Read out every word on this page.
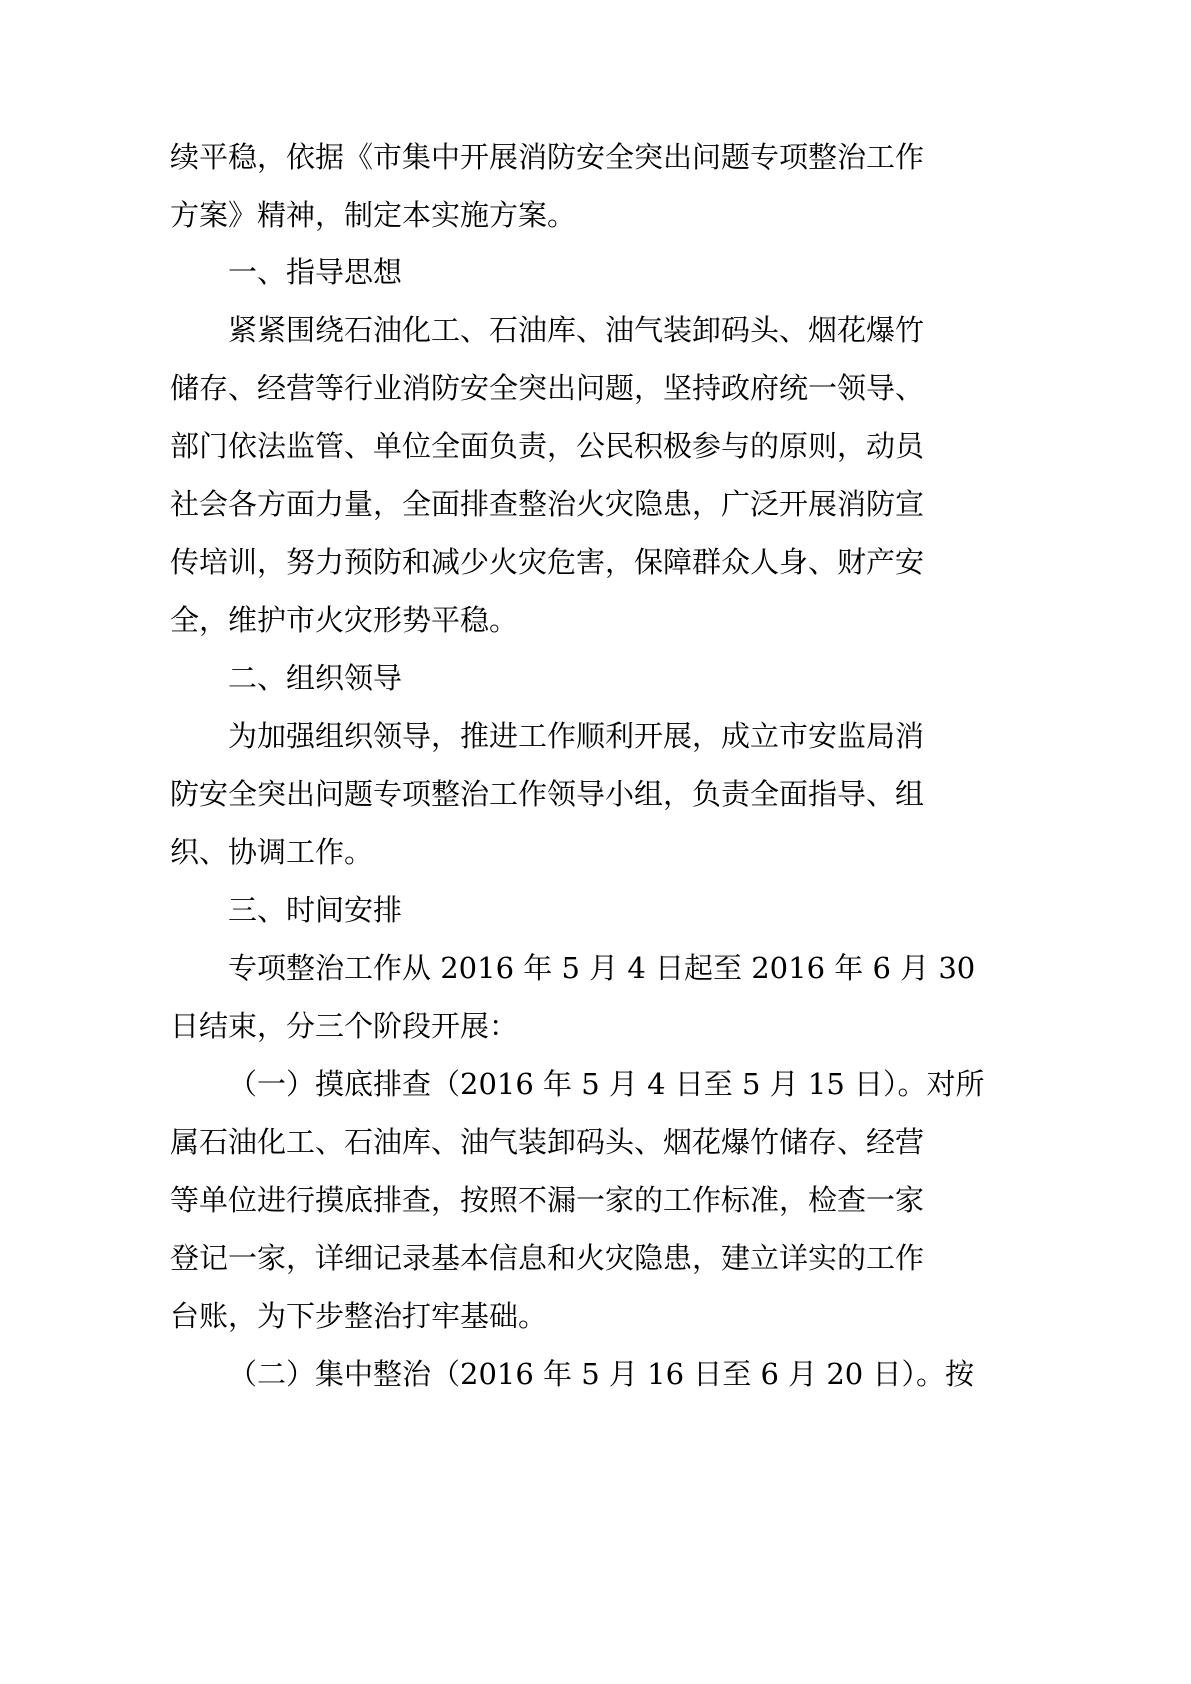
续平稳，依据《市集中开展消防安全突出问题专项整治工作

方案》精神，制定本实施方案。

一、指导思想

紧紧围绕石油化工、石油库、油气装卸码头、烟花爆竹

储存、经营等行业消防安全突出问题，坚持政府统一领导、

部门依法监管、单位全面负责，公民积极参与的原则，动员

社会各方面力量，全面排查整治火灾隐患，广泛开展消防宣

传培训，努力预防和减少火灾危害，保障群众人身、财产安

全，维护市火灾形势平稳。

二、组织领导

为加强组织领导，推进工作顺利开展，成立市安监局消

防安全突出问题专项整治工作领导小组，负责全面指导、组

织、协调工作。

三、时间安排

专项整治工作从 2016 年 5 月 4 日起至 2016 年 6 月 30

日结束，分三个阶段开展：

（一）摸底排查（2016 年 5 月 4 日至 5 月 15 日）。对所

属石油化工、石油库、油气装卸码头、烟花爆竹储存、经营

等单位进行摸底排查，按照不漏一家的工作标准，检查一家

登记一家，详细记录基本信息和火灾隐患，建立详实的工作

台账，为下步整治打牢基础。

（二）集中整治（2016 年 5 月 16 日至 6 月 20 日）。按
